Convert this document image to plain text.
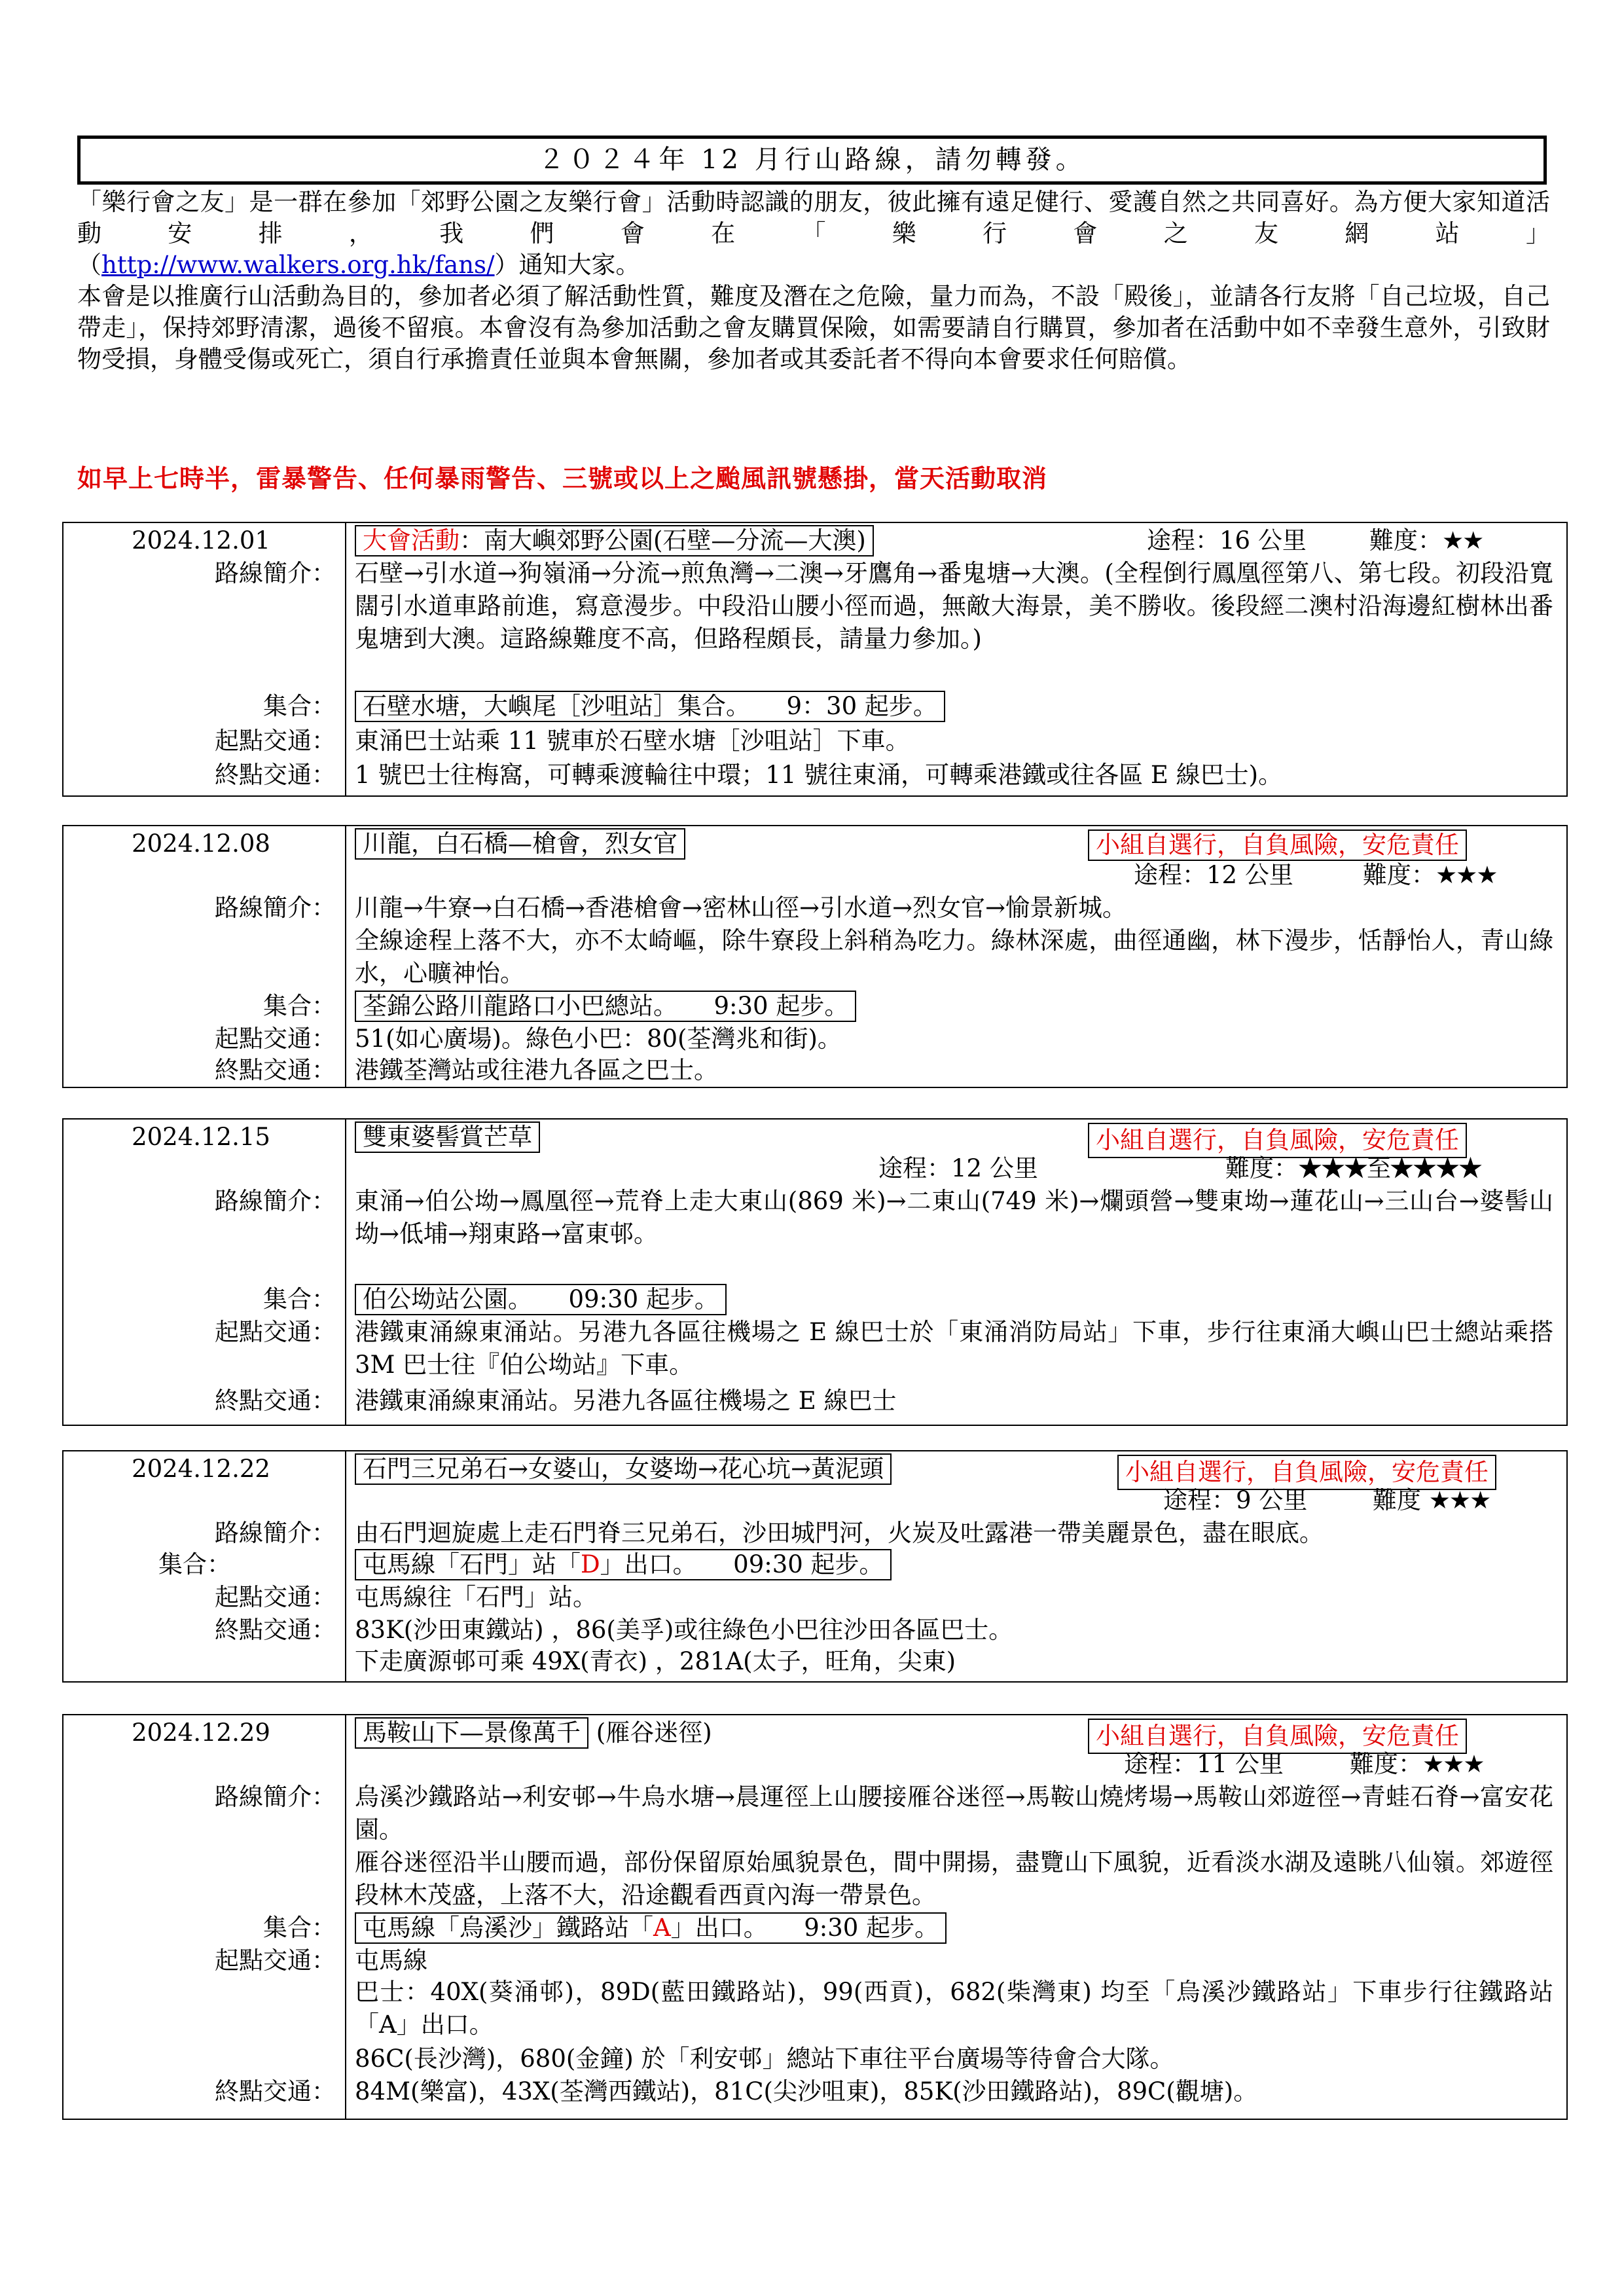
２０２４年 12 月行山路線，請勿轉發。
「樂行會之友」是一群在參加「郊野公園之友樂行會」活動時認識的朋友，彼此擁有遠足健行、愛護自然之共同喜好。為方便大家知道活動安排，我們會在「樂行會之友網站」
（http://www.walkers.org.hk/fans/）通知大家。
本會是以推廣行山活動為目的，參加者必須了解活動性質，難度及潛在之危險，量力而為，不設「殿後」，並請各行友將「自己垃圾，自己帶走」，保持郊野清潔，過後不留痕。本會沒有為參加活動之會友購買保險，如需要請自行購買，參加者在活動中如不幸發生意外，引致財物受損，身體受傷或死亡，須自行承擔責任並與本會無關，參加者或其委託者不得向本會要求任何賠償。
如早上七時半，雷暴警告、任何暴雨警告、三號或以上之颱風訊號懸掛，當天活動取消
2024.12.01	大會活動：南大嶼郊野公園(石壁—分流—大澳)	途程：16 公里	難度：★★
路線簡介： 石壁→引水道→狗嶺涌→分流→煎魚灣→二澳→牙鷹角→番鬼塘→大澳。(全程倒行鳳凰徑第八、第七段。初段沿寬闊引水道車路前進，寫意漫步。中段沿山腰小徑而過，無敵大海景，美不勝收。後段經二澳村沿海邊紅樹林出番鬼塘到大澳。這路線難度不高，但路程頗長，請量力參加。)
集合：	石壁水塘，大嶼尾［沙咀站］集合。　　9：30 起步。
起點交通： 東涌巴士站乘 11 號車於石壁水塘［沙咀站］下車。
終點交通： 1 號巴士往梅窩，可轉乘渡輪往中環；11 號往東涌，可轉乘港鐵或往各區 E 線巴士)。
2024.12.08	川龍，白石橋—槍會，烈女官	小組自選行，自負風險，安危責任
途程：12 公里	難度：★★★
路線簡介： 川龍→牛寮→白石橋→香港槍會→密林山徑→引水道→烈女官→愉景新城。
全線途程上落不大，亦不太崎嶇，除牛寮段上斜稍為吃力。綠林深處，曲徑通幽，林下漫步，恬靜怡人，青山綠水，心曠神怡。
集合：	荃錦公路川龍路口小巴總站。　　9:30 起步。
起點交通： 51(如心廣場)。綠色小巴：80(荃灣兆和街)。
終點交通： 港鐵荃灣站或往港九各區之巴士。
2024.12.15	雙東婆髻賞芒草	小組自選行，自負風險，安危責任
途程：12 公里	難度：★★★至★★★★
路線簡介： 東涌→伯公坳→鳳凰徑→荒脊上走大東山(869 米)→二東山(749 米)→爛頭營→雙東坳→蓮花山→三山台→婆髻山坳→低埔→翔東路→富東邨。
集合：	伯公坳站公園。　　09:30 起步。
起點交通： 港鐵東涌線東涌站。另港九各區往機場之 E 線巴士於「東涌消防局站」下車，步行往東涌大嶼山巴士總站乘搭 3M 巴士往『伯公坳站』下車。
終點交通： 港鐵東涌線東涌站。另港九各區往機場之 E 線巴士
2024.12.22	石門三兄弟石→女婆山，女婆坳→花心坑→黃泥頭	小組自選行，自負風險，安危責任
途程：9 公里	難度 ★★★
路線簡介： 由石門迴旋處上走石門脊三兄弟石，沙田城門河，火炭及吐露港一帶美麗景色，盡在眼底。
集合：	屯馬線「石門」站「D」出口。　　09:30 起步。
起點交通： 屯馬線往「石門」站。
終點交通： 83K(沙田東鐵站) ，86(美孚)或往綠色小巴往沙田各區巴士。
下走廣源邨可乘 49X(青衣) ，281A(太子，旺角，尖東)
2024.12.29	馬鞍山下—景像萬千 (雁谷迷徑)	小組自選行，自負風險，安危責任
途程：11 公里	難度：★★★
路線簡介： 烏溪沙鐵路站→利安邨→牛烏水塘→晨運徑上山腰接雁谷迷徑→馬鞍山燒烤場→馬鞍山郊遊徑→青蛙石脊→富安花園。
雁谷迷徑沿半山腰而過，部份保留原始風貌景色，間中開揚，盡覽山下風貌，近看淡水湖及遠眺八仙嶺。郊遊徑段林木茂盛，上落不大，沿途觀看西貢內海一帶景色。
集合：	屯馬線「烏溪沙」鐵路站「A」出口。　　9:30 起步。
起點交通： 屯馬線
巴士：40X(葵涌邨)，89D(藍田鐵路站)，99(西貢)，682(柴灣東) 均至「烏溪沙鐵路站」下車步行往鐵路站「A」出口。
86C(長沙灣)，680(金鐘) 於「利安邨」總站下車往平台廣場等待會合大隊。
終點交通： 84M(樂富)，43X(荃灣西鐵站)，81C(尖沙咀東)，85K(沙田鐵路站)，89C(觀塘)。
